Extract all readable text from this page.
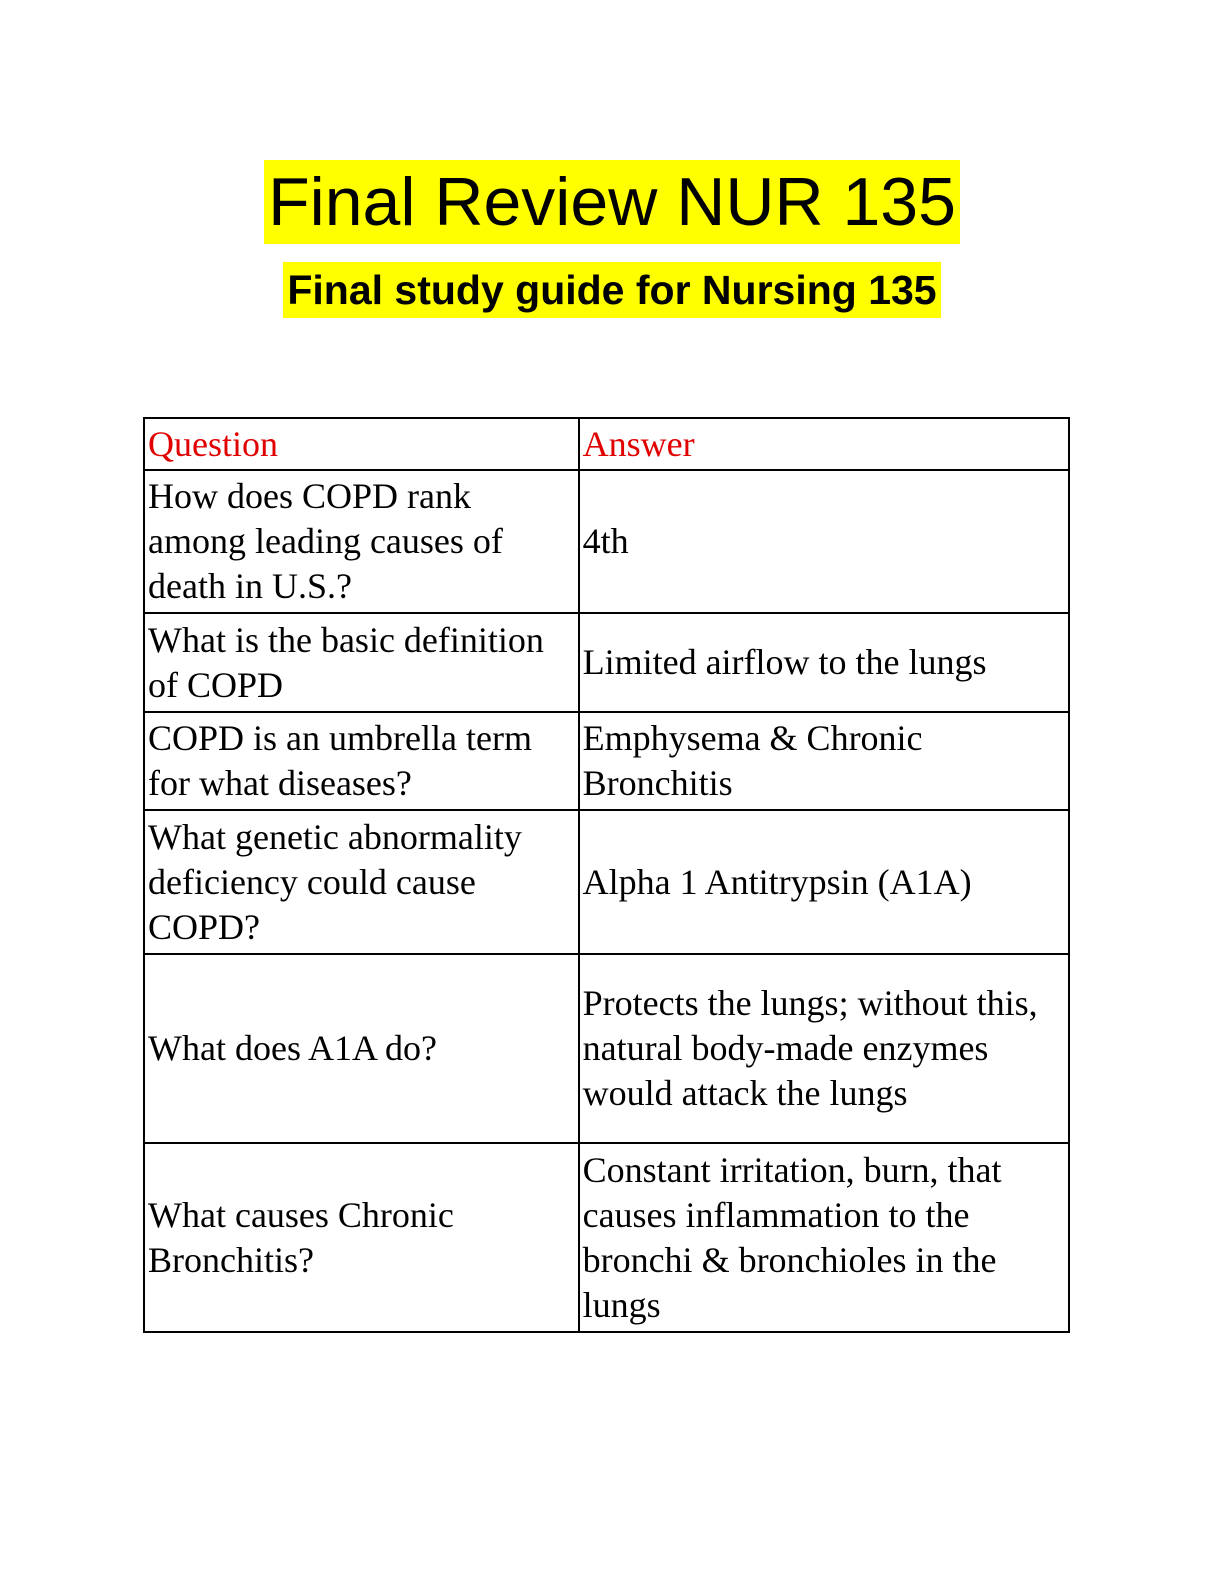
Final Review NUR 135
Final study guide for Nursing 135
Question	Answer
How does COPD rank among leading causes of death in U.S.?	4th
What is the basic definition of COPD	Limited airflow to the lungs
COPD is an umbrella term for what diseases?	Emphysema & Chronic Bronchitis
What genetic abnormality deficiency could cause COPD?	Alpha 1 Antitrypsin (A1A)
What does A1A do?	Protects the lungs; without this, natural body-made enzymes would attack the lungs
What causes Chronic Bronchitis?	Constant irritation, burn, that causes inflammation to the bronchi & bronchioles in the lungs
